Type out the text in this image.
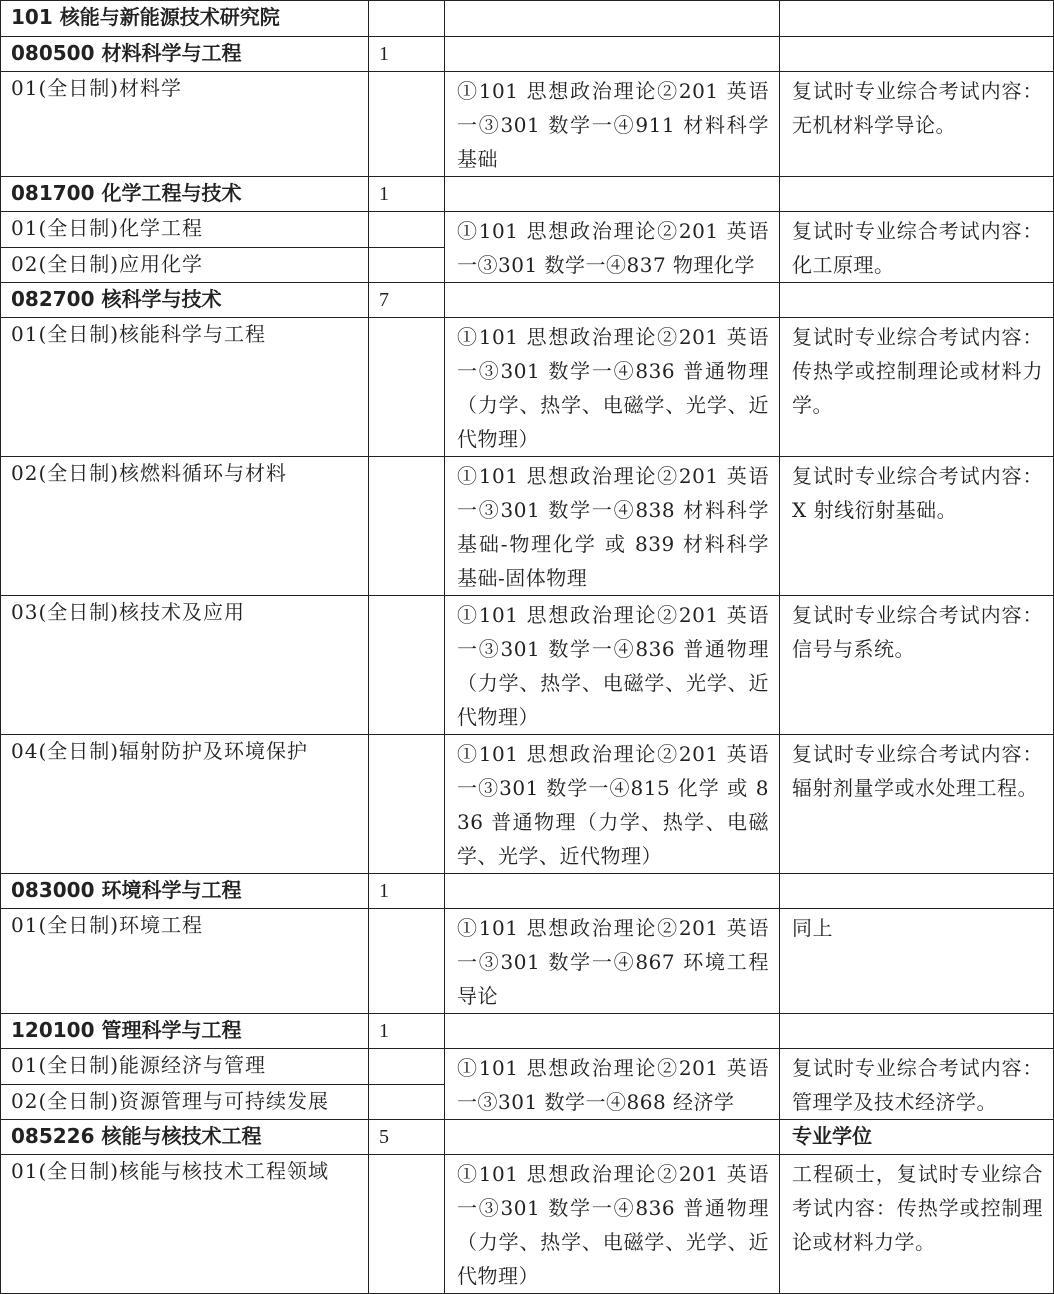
101 核能与新能源技术研究院			
080500 材料科学与工程	1		
01(全日制)材料学		①101 思想政治理论②201 英语一③301 数学一④911 材料科学基础	复试时专业综合考试内容：无机材料学导论。
081700 化学工程与技术	1		
01(全日制)化学工程		①101 思想政治理论②201 英语一③301 数学一④837 物理化学	复试时专业综合考试内容：化工原理。
02(全日制)应用化学			
082700 核科学与技术	7		
01(全日制)核能科学与工程		①101 思想政治理论②201 英语一③301 数学一④836 普通物理（力学、热学、电磁学、光学、近代物理）	复试时专业综合考试内容：传热学或控制理论或材料力学。
02(全日制)核燃料循环与材料		①101 思想政治理论②201 英语一③301 数学一④838 材料科学基础-物理化学 或 839 材料科学基础-固体物理	复试时专业综合考试内容：X 射线衍射基础。
03(全日制)核技术及应用		①101 思想政治理论②201 英语一③301 数学一④836 普通物理（力学、热学、电磁学、光学、近代物理）	复试时专业综合考试内容：信号与系统。
04(全日制)辐射防护及环境保护		①101 思想政治理论②201 英语一③301 数学一④815 化学 或 836 普通物理（力学、热学、电磁学、光学、近代物理）	复试时专业综合考试内容：辐射剂量学或水处理工程。
083000 环境科学与工程	1		
01(全日制)环境工程		①101 思想政治理论②201 英语一③301 数学一④867 环境工程导论	同上
120100 管理科学与工程	1		
01(全日制)能源经济与管理		①101 思想政治理论②201 英语一③301 数学一④868 经济学	复试时专业综合考试内容：管理学及技术经济学。
02(全日制)资源管理与可持续发展			
085226 核能与核技术工程	5		专业学位
01(全日制)核能与核技术工程领域		①101 思想政治理论②201 英语一③301 数学一④836 普通物理（力学、热学、电磁学、光学、近代物理）	工程硕士，复试时专业综合考试内容：传热学或控制理论或材料力学。
